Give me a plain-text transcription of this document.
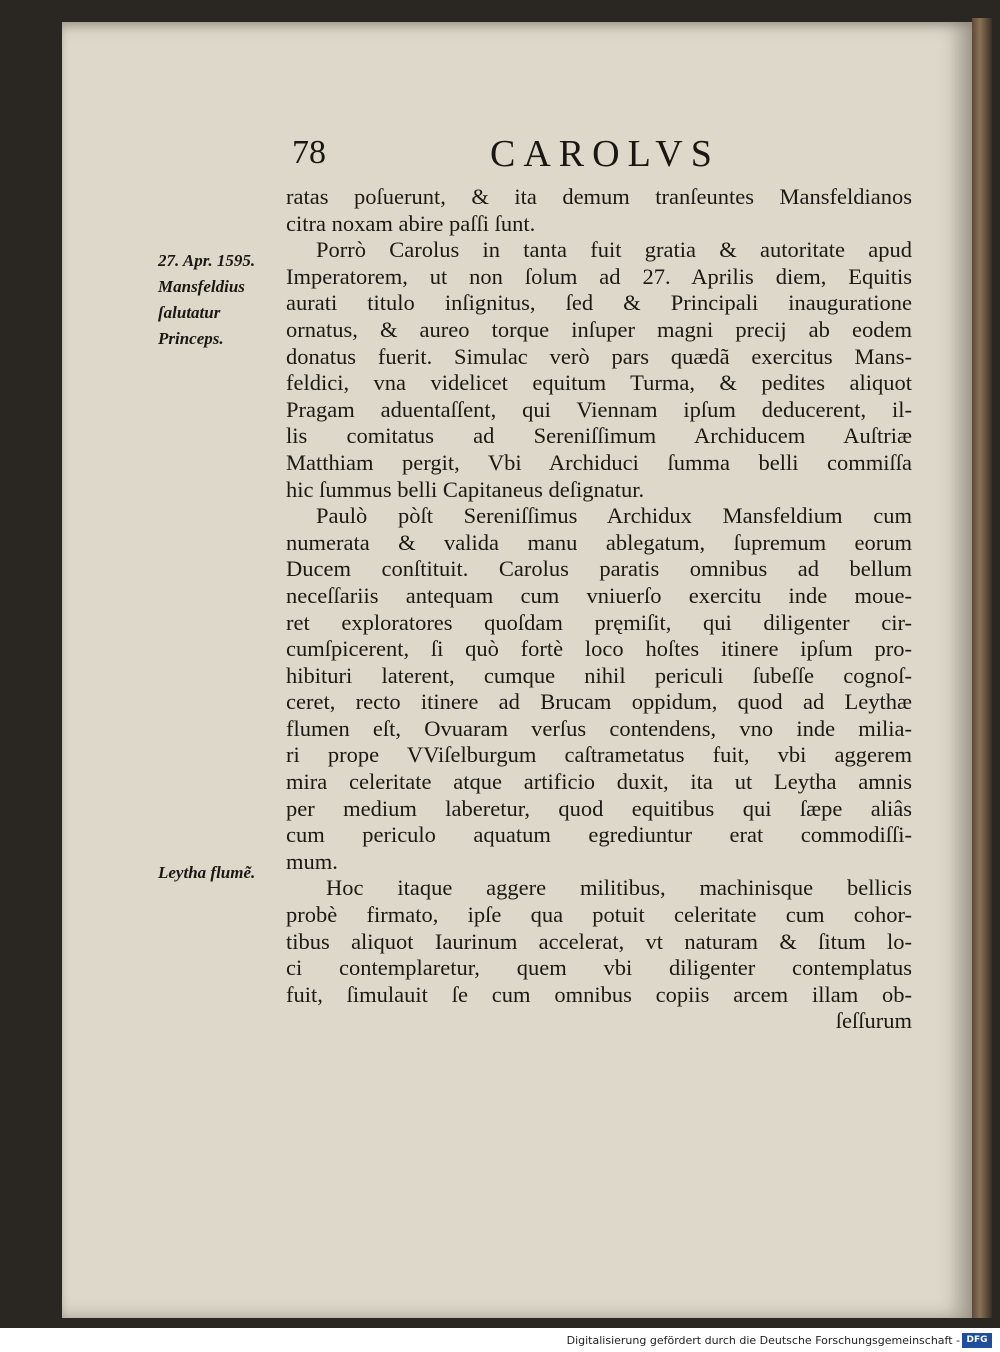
78	CAROLVS
27. Apr. 1595.
Mansfeldius
ſalutatur
Princeps.
Leytha flumẽ.
ratas poſuerunt, & ita demum tranſeuntes Mansfeldianos
citra noxam abire paſſi ſunt.
Porrò Carolus in tanta fuit gratia & autoritate apud
Imperatorem, ut non ſolum ad 27. Aprilis diem, Equitis
aurati titulo inſignitus, ſed & Principali inauguratione
ornatus, & aureo torque inſuper magni precij ab eodem
donatus fuerit. Simulac verò pars quædã exercitus Mans-
feldici, vna videlicet equitum Turma, & pedites aliquot
Pragam aduentaſſent, qui Viennam ipſum deducerent, il-
lis comitatus ad Sereniſſimum Archiducem Auſtriæ
Matthiam pergit, Vbi Archiduci ſumma belli commiſſa
hic ſummus belli Capitaneus deſignatur.
Paulò pòſt Sereniſſimus Archidux Mansfeldium cum
numerata & valida manu ablegatum, ſupremum eorum
Ducem conſtituit. Carolus paratis omnibus ad bellum
neceſſariis antequam cum vniuerſo exercitu inde moue-
ret exploratores quoſdam pręmiſit, qui diligenter cir-
cumſpicerent, ſi quò fortè loco hoſtes itinere ipſum pro-
hibituri laterent, cumque nihil periculi ſubeſſe cognoſ-
ceret, recto itinere ad Brucam oppidum, quod ad Leythæ
flumen eſt, Ovuaram verſus contendens, vno inde milia-
ri prope VViſelburgum caſtrametatus fuit, vbi aggerem
mira celeritate atque artificio duxit, ita ut Leytha amnis
per medium laberetur, quod equitibus qui ſæpe aliâs
cum periculo aquatum egrediuntur erat commodiſſi-
mum.
Hoc itaque aggere militibus, machinisque bellicis
probè firmato, ipſe qua potuit celeritate cum cohor-
tibus aliquot Iaurinum accelerat, vt naturam & ſitum lo-
ci contemplaretur, quem vbi diligenter contemplatus
fuit, ſimulauit ſe cum omnibus copiis arcem illam ob-
ſeſſurum
Digitalisierung gefördert durch die Deutsche Forschungsgemeinschaft - DFG
